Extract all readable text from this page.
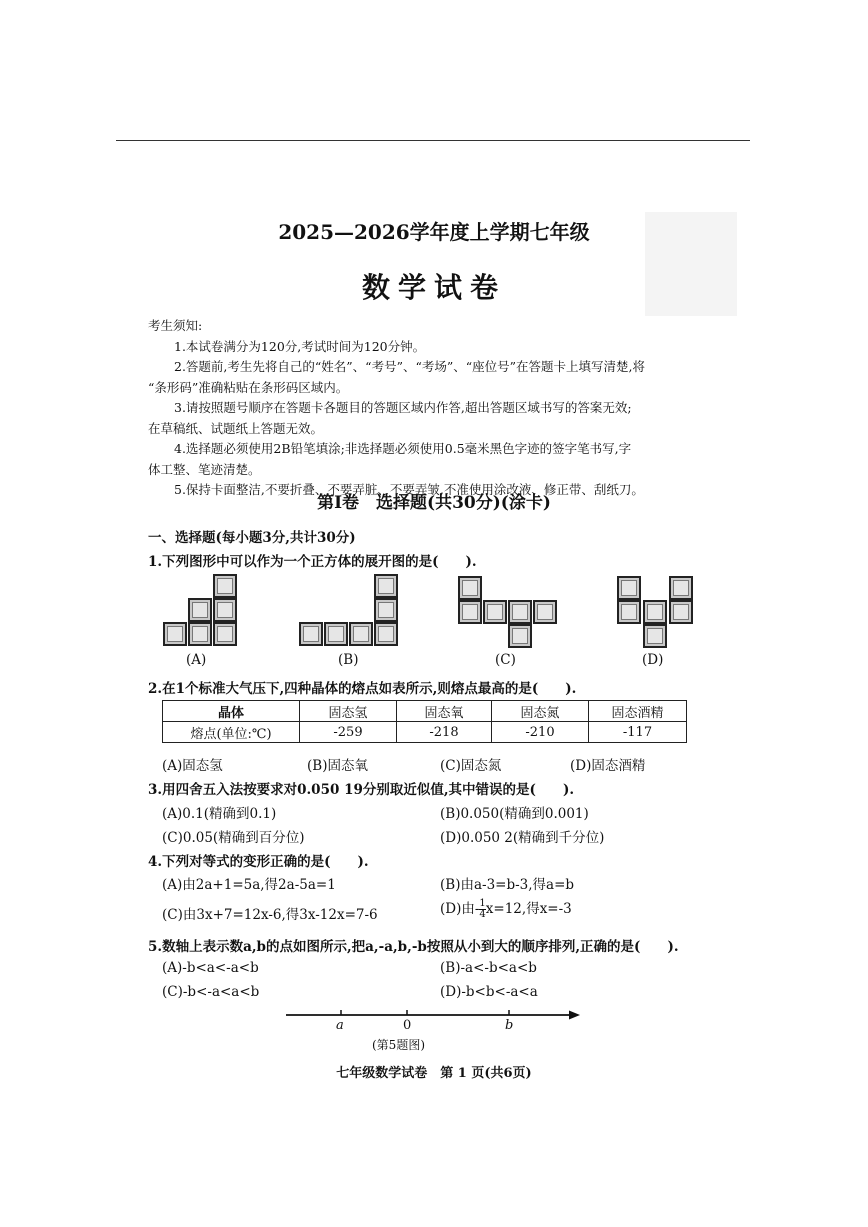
2025—2026学年度上学期七年级
数学试卷

考生须知:

1.本试卷满分为120分,考试时间为120分钟。

2.答题前,考生先将自己的“姓名”、“考号”、“考场”、“座位号”在答题卡上填写清楚,将

“条形码”准确粘贴在条形码区域内。

3.请按照题号顺序在答题卡各题目的答题区域内作答,超出答题区域书写的答案无效;

在草稿纸、试题纸上答题无效。

4.选择题必须使用2B铅笔填涂;非选择题必须使用0.5毫米黑色字迹的签字笔书写,字

体工整、笔迹清楚。

5.保持卡面整洁,不要折叠、不要弄脏、不要弄皱,不准使用涂改液、修正带、刮纸刀。

第Ⅰ卷　选择题(共30分)(涂卡)
一、选择题(每小题3分,共计30分)
1.下列图形中可以作为一个正方体的展开图的是(　　).
(A)	(B)	(C)	(D)
2.在1个标准大气压下,四种晶体的熔点如表所示,则熔点最高的是(　　).
晶体	固态氢	固态氧	固态氮	固态酒精
熔点(单位:℃)	-259	-218	-210	-117
(A)固态氢	(B)固态氧	(C)固态氮	(D)固态酒精
3.用四舍五入法按要求对0.050 19分别取近似值,其中错误的是(　　).
(A)0.1(精确到0.1)	(B)0.050(精确到0.001)
(C)0.05(精确到百分位)	(D)0.050 2(精确到千分位)
4.下列对等式的变形正确的是(　　).
(A)由2a+1=5a,得2a-5a=1	(B)由a-3=b-3,得a=b
(C)由3x+7=12x-6,得3x-12x=7-6	(D)由- $\frac{1}{4} x=12$,得x=-3
5.数轴上表示数a,b的点如图所示,把a,-a,b,-b按照从小到大的顺序排列,正确的是(　　).
(A)-b<a<-a<b	(B)-a<-b<a<b
(C)-b<-a<a<b	(D)-b<b<-a<a
a	0	b
(第5题图)
七年级数学试卷　第 1 页(共6页)
